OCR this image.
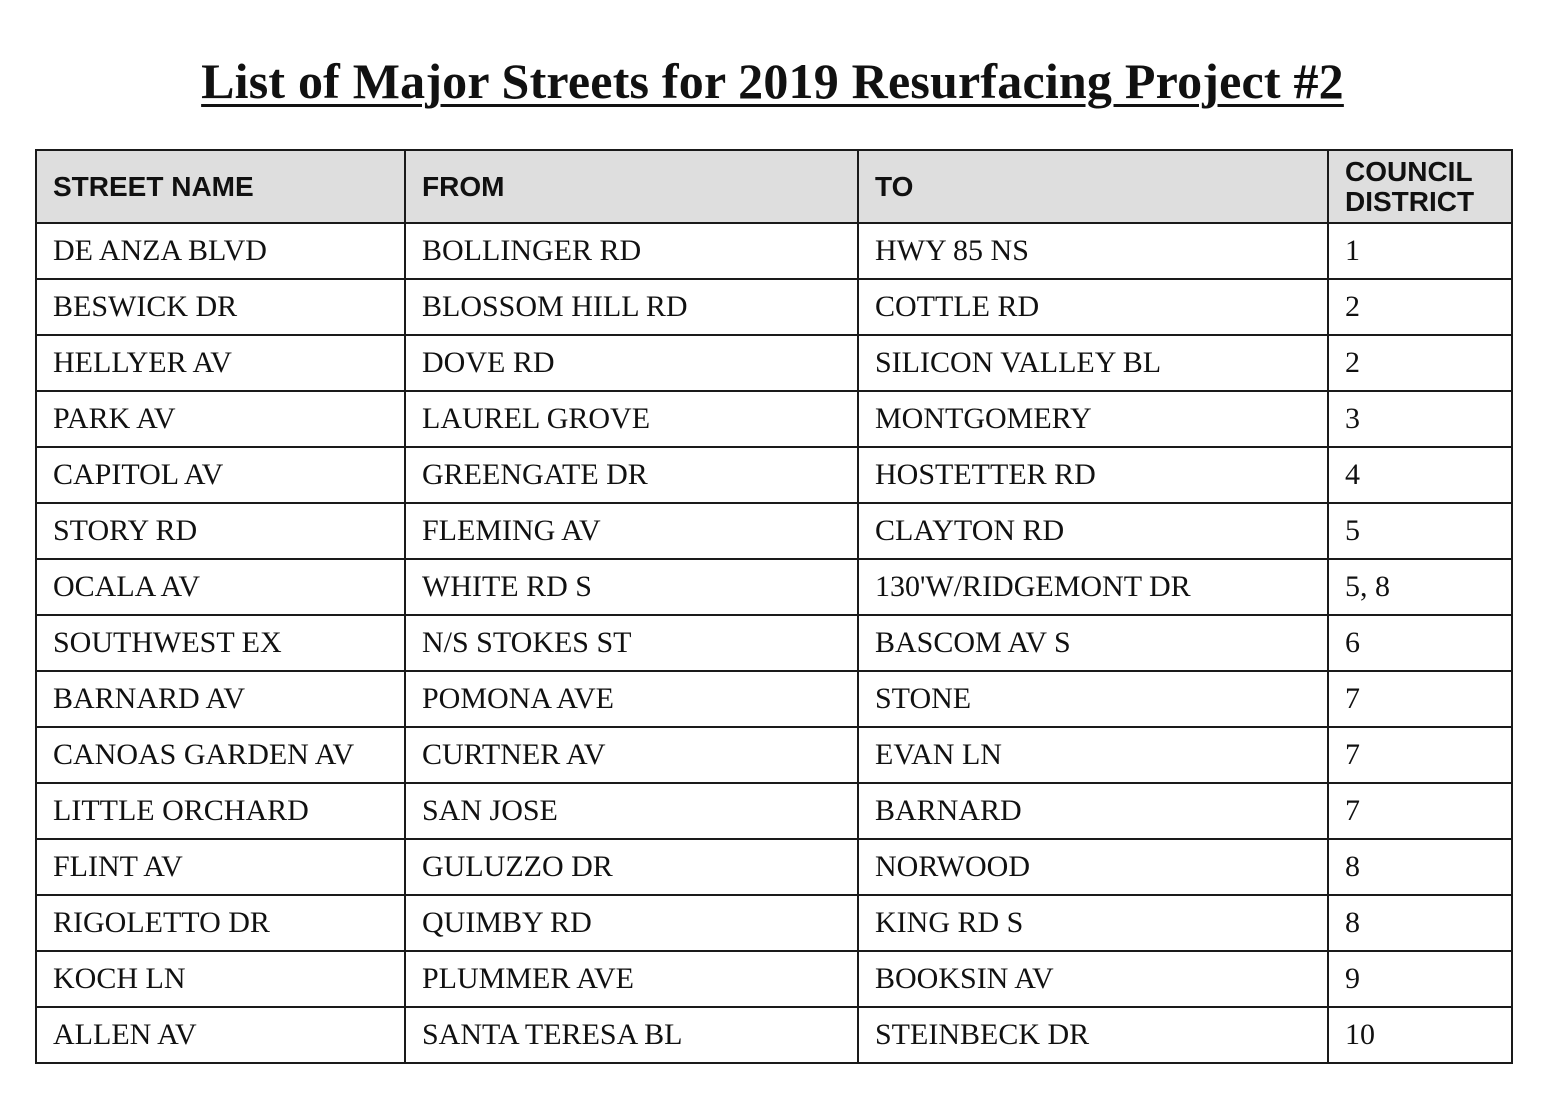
List of Major Streets for 2019 Resurfacing Project #2
STREET NAME	FROM	TO	COUNCIL DISTRICT
DE ANZA BLVD	BOLLINGER RD	HWY 85 NS	1
BESWICK DR	BLOSSOM HILL RD	COTTLE RD	2
HELLYER AV	DOVE RD	SILICON VALLEY BL	2
PARK AV	LAUREL GROVE	MONTGOMERY	3
CAPITOL AV	GREENGATE DR	HOSTETTER RD	4
STORY RD	FLEMING AV	CLAYTON RD	5
OCALA AV	WHITE RD S	130'W/RIDGEMONT DR	5, 8
SOUTHWEST EX	N/S STOKES ST	BASCOM AV S	6
BARNARD AV	POMONA AVE	STONE	7
CANOAS GARDEN AV	CURTNER AV	EVAN LN	7
LITTLE ORCHARD	SAN JOSE	BARNARD	7
FLINT AV	GULUZZO DR	NORWOOD	8
RIGOLETTO DR	QUIMBY RD	KING RD S	8
KOCH LN	PLUMMER AVE	BOOKSIN AV	9
ALLEN AV	SANTA TERESA BL	STEINBECK DR	10
